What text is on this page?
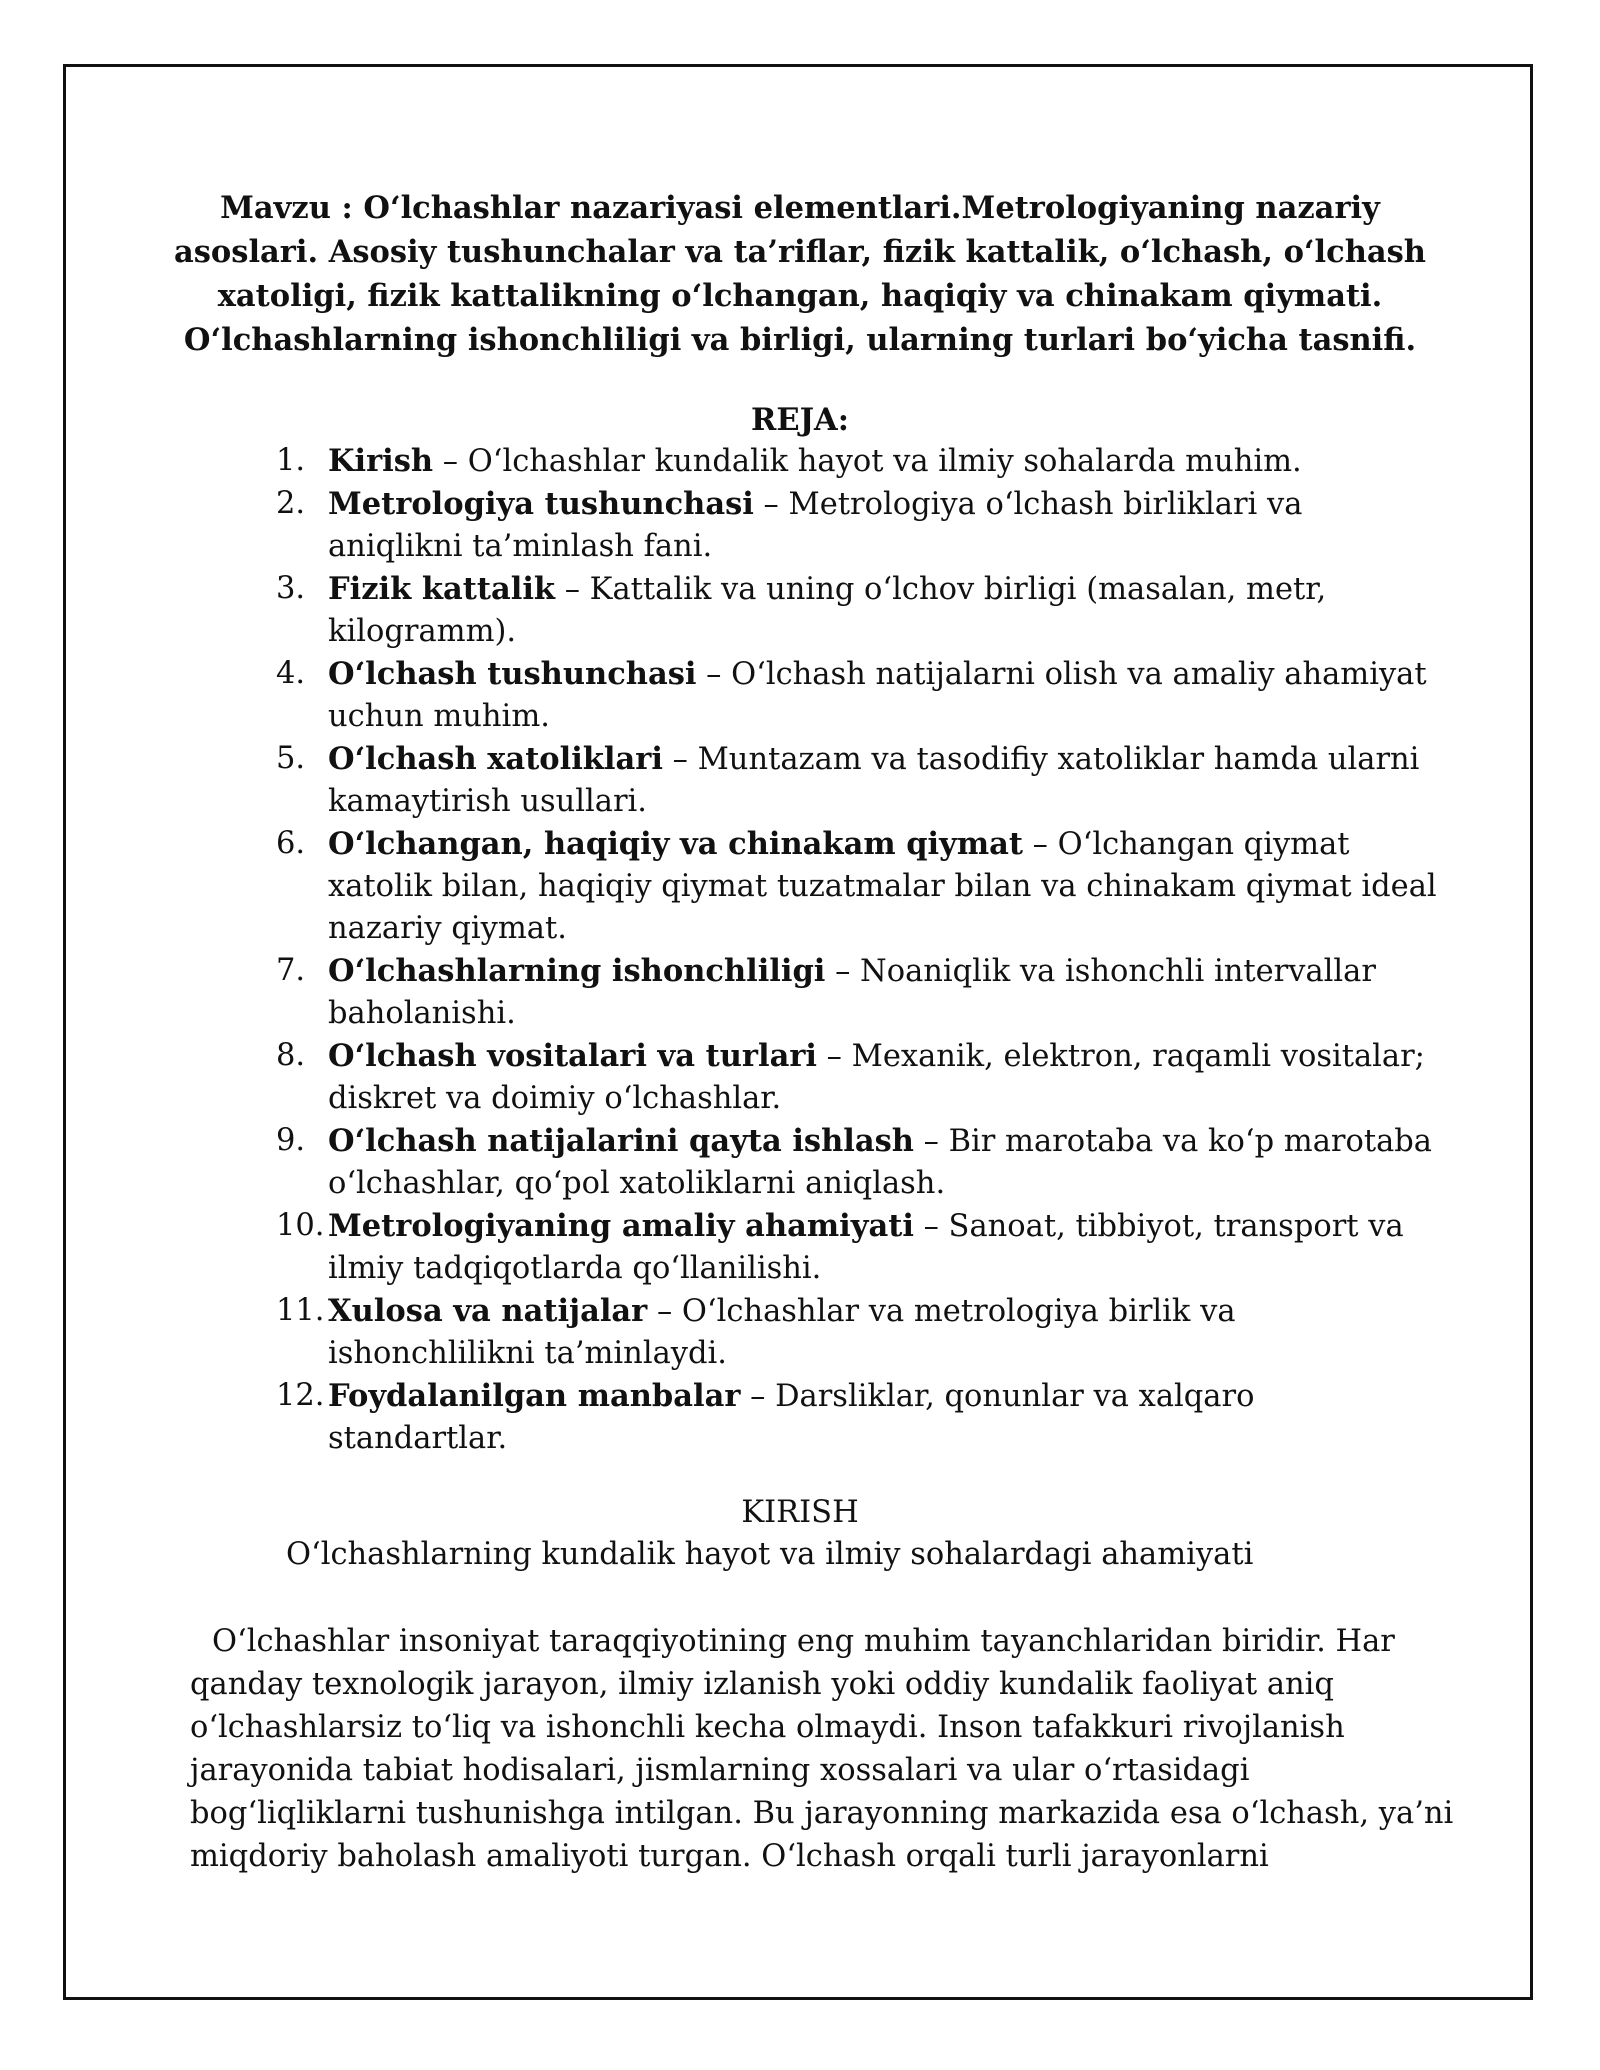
Mavzu : O‘lchashlar nazariyasi elementlari.Metrologiyaning nazariy
asoslari. Asosiy tushunchalar va ta’riflar, fizik kattalik, o‘lchash, o‘lchash
xatoligi, fizik kattalikning o‘lchangan, haqiqiy va chinakam qiymati.
O‘lchashlarning ishonchliligi va birligi, ularning turlari bo‘yicha tasnifi.
REJA:
1. Kirish – O‘lchashlar kundalik hayot va ilmiy sohalarda muhim.
2. Metrologiya tushunchasi – Metrologiya o‘lchash birliklari va
aniqlikni ta’minlash fani.
3. Fizik kattalik – Kattalik va uning o‘lchov birligi (masalan, metr,
kilogramm).
4. O‘lchash tushunchasi – O‘lchash natijalarni olish va amaliy ahamiyat
uchun muhim.
5. O‘lchash xatoliklari – Muntazam va tasodifiy xatoliklar hamda ularni
kamaytirish usullari.
6. O‘lchangan, haqiqiy va chinakam qiymat – O‘lchangan qiymat
xatolik bilan, haqiqiy qiymat tuzatmalar bilan va chinakam qiymat ideal
nazariy qiymat.
7. O‘lchashlarning ishonchliligi – Noaniqlik va ishonchli intervallar
baholanishi.
8. O‘lchash vositalari va turlari – Mexanik, elektron, raqamli vositalar;
diskret va doimiy o‘lchashlar.
9. O‘lchash natijalarini qayta ishlash – Bir marotaba va ko‘p marotaba
o‘lchashlar, qo‘pol xatoliklarni aniqlash.
10. Metrologiyaning amaliy ahamiyati – Sanoat, tibbiyot, transport va
ilmiy tadqiqotlarda qo‘llanilishi.
11. Xulosa va natijalar – O‘lchashlar va metrologiya birlik va
ishonchlilikni ta’minlaydi.
12. Foydalanilgan manbalar – Darsliklar, qonunlar va xalqaro
standartlar.
KIRISH
O‘lchashlarning kundalik hayot va ilmiy sohalardagi ahamiyati

O‘lchashlar insoniyat taraqqiyotining eng muhim tayanchlaridan biridir. Har
qanday texnologik jarayon, ilmiy izlanish yoki oddiy kundalik faoliyat aniq
o‘lchashlarsiz to‘liq va ishonchli kecha olmaydi. Inson tafakkuri rivojlanish
jarayonida tabiat hodisalari, jismlarning xossalari va ular o‘rtasidagi
bog‘liqliklarni tushunishga intilgan. Bu jarayonning markazida esa o‘lchash, ya’ni
miqdoriy baholash amaliyoti turgan. O‘lchash orqali turli jarayonlarni
